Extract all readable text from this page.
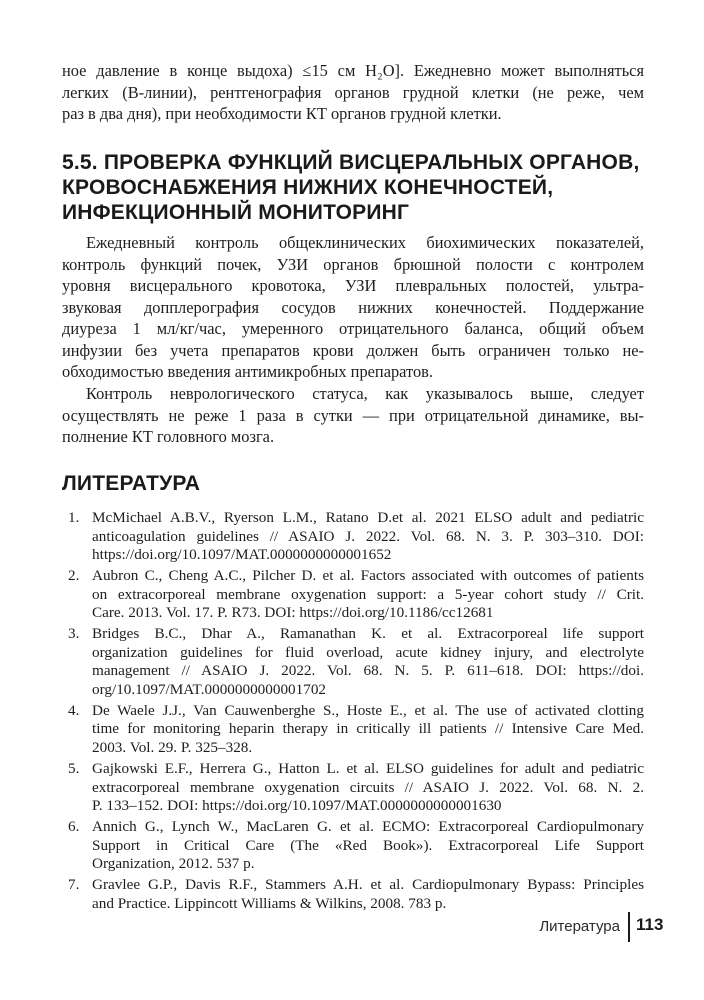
ное давление в конце выдоха) ≤15 см H₂O]. Ежедневно может выполняться
легких (B-линии), рентгенография органов грудной клетки (не реже, чем
раз в два дня), при необходимости КТ органов грудной клетки.

5.5. ПРОВЕРКА ФУНКЦИЙ ВИСЦЕРАЛЬНЫХ ОРГАНОВ,
КРОВОСНАБЖЕНИЯ НИЖНИХ КОНЕЧНОСТЕЙ,
ИНФЕКЦИОННЫЙ МОНИТОРИНГ

Ежедневный контроль общеклинических биохимических показателей,
контроль функций почек, УЗИ органов брюшной полости с контролем
уровня висцерального кровотока, УЗИ плевральных полостей, ультра-
звуковая допплерография сосудов нижних конечностей. Поддержание
диуреза 1 мл/кг/час, умеренного отрицательного баланса, общий объем
инфузии без учета препаратов крови должен быть ограничен только не-
обходимостью введения антимикробных препаратов.

Контроль неврологического статуса, как указывалось выше, следует
осуществлять не реже 1 раза в сутки — при отрицательной динамике, вы-
полнение КТ головного мозга.

ЛИТЕРАТУРА
1. McMichael A.B.V., Ryerson L.M., Ratano D.et al. 2021 ELSO adult and pediatric
anticoagulation guidelines // ASAIO J. 2022. Vol. 68. N. 3. P. 303–310. DOI:
https://doi.org/10.1097/MAT.0000000000001652
2. Aubron C., Cheng A.C., Pilcher D. et al. Factors associated with outcomes of patients
on extracorporeal membrane oxygenation support: a 5-year cohort study // Crit.
Care. 2013. Vol. 17. P. R73. DOI: https://doi.org/10.1186/cc12681
3. Bridges B.C., Dhar A., Ramanathan K. et al. Extracorporeal life support
organization guidelines for fluid overload, acute kidney injury, and electrolyte
management // ASAIO J. 2022. Vol. 68. N. 5. P. 611–618. DOI: https://doi.
org/10.1097/MAT.0000000000001702
4. De Waele J.J., Van Cauwenberghe S., Hoste E., et al. The use of activated clotting
time for monitoring heparin therapy in critically ill patients // Intensive Care Med.
2003. Vol. 29. P. 325–328.
5. Gajkowski E.F., Herrera G., Hatton L. et al. ELSO guidelines for adult and pediatric
extracorporeal membrane oxygenation circuits // ASAIO J. 2022. Vol. 68. N. 2.
P. 133–152. DOI: https://doi.org/10.1097/MAT.0000000000001630
6. Annich G., Lynch W., MacLaren G. et al. ECMO: Extracorporeal Cardiopulmonary
Support in Critical Care (The «Red Book»). Extracorporeal Life Support
Organization, 2012. 537 p.
7. Gravlee G.P., Davis R.F., Stammers A.H. et al. Cardiopulmonary Bypass: Principles
and Practice. Lippincott Williams & Wilkins, 2008. 783 p.
Литература 113
